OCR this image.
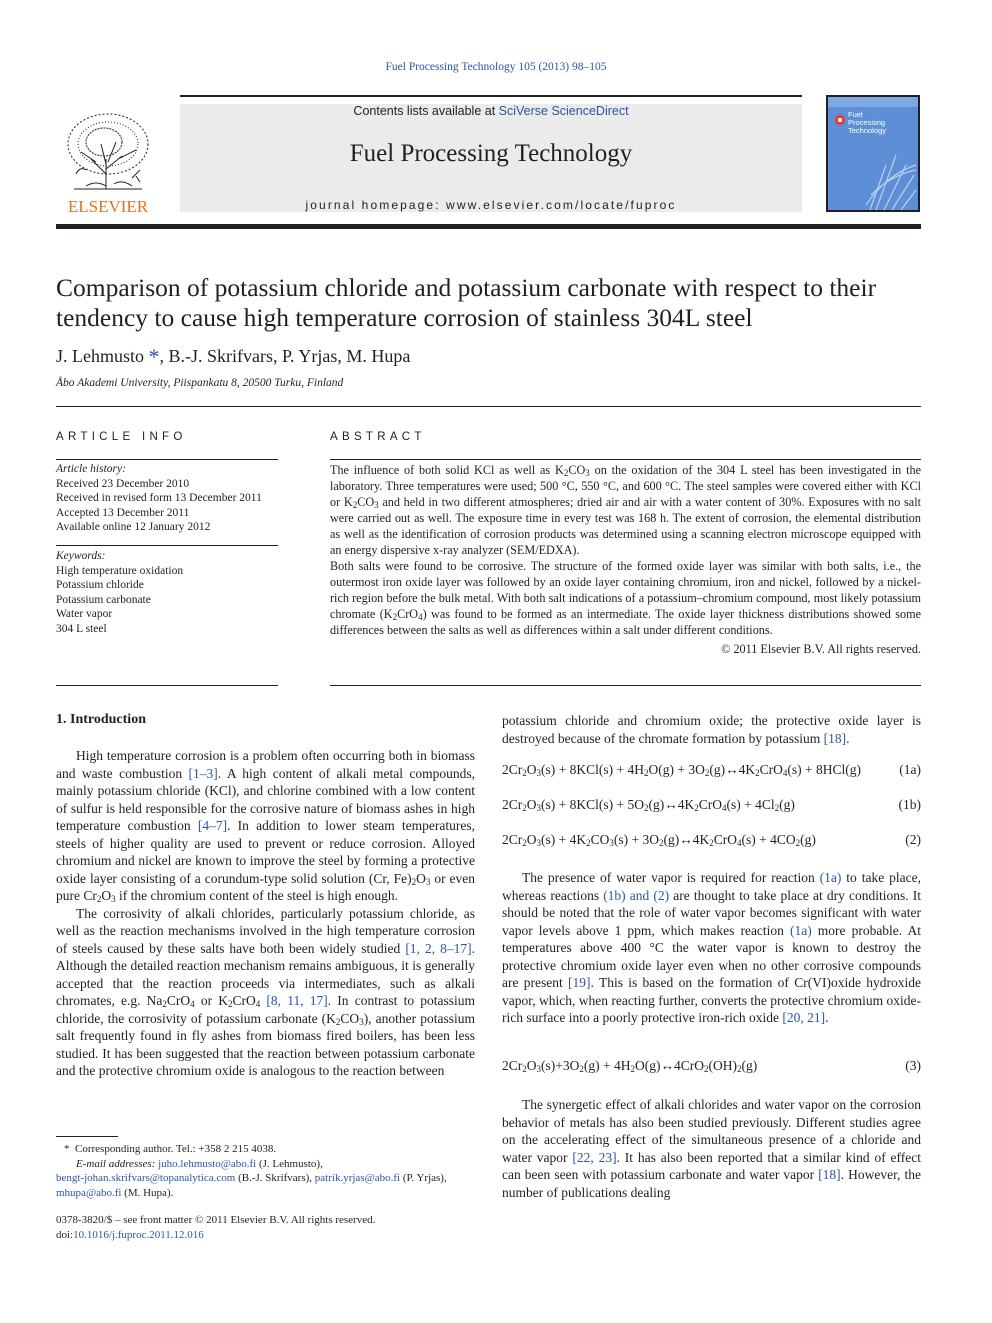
Fuel Processing Technology 105 (2013) 98–105
ELSEVIER
Contents lists available at SciVerse ScienceDirect
Fuel Processing Technology
journal homepage: www.elsevier.com/locate/fuproc
Fuel
Processing
Technology
Comparison of potassium chloride and potassium carbonate with respect to their tendency to cause high temperature corrosion of stainless 304L steel
J. Lehmusto *, B.-J. Skrifvars, P. Yrjas, M. Hupa
Åbo Akademi University, Piispankatu 8, 20500 Turku, Finland
ARTICLE INFO
Article history:
Received 23 December 2010
Received in revised form 13 December 2011
Accepted 13 December 2011
Available online 12 January 2012
Keywords:
High temperature oxidation
Potassium chloride
Potassium carbonate
Water vapor
304 L steel
ABSTRACT
The influence of both solid KCl as well as $K_2CO_3$ on the oxidation of the 304 L steel has been investigated in the laboratory. Three temperatures were used; 500 °C, 550 °C, and 600 °C. The steel samples were covered either with KCl or $K_2CO_3$ and held in two different atmospheres; dried air and air with a water content of 30%. Exposures with no salt were carried out as well. The exposure time in every test was 168 h. The extent of corrosion, the elemental distribution as well as the identification of corrosion products was determined using a scanning electron microscope equipped with an energy dispersive x-ray analyzer (SEM/EDXA).
Both salts were found to be corrosive. The structure of the formed oxide layer was similar with both salts, i.e., the outermost iron oxide layer was followed by an oxide layer containing chromium, iron and nickel, followed by a nickel-rich region before the bulk metal. With both salt indications of a potassium–chromium compound, most likely potassium chromate $(K_2CrO_4)$ was found to be formed as an intermediate. The oxide layer thickness distributions showed some differences between the salts as well as differences within a salt under different conditions.
© 2011 Elsevier B.V. All rights reserved.
1. Introduction

High temperature corrosion is a problem often occurring both in biomass and waste combustion [1–3]. A high content of alkali metal compounds, mainly potassium chloride (KCl), and chlorine combined with a low content of sulfur is held responsible for the corrosive nature of biomass ashes in high temperature combustion [4–7]. In addition to lower steam temperatures, steels of higher quality are used to prevent or reduce corrosion. Alloyed chromium and nickel are known to improve the steel by forming a protective oxide layer consisting of a corundum-type solid solution (Cr, $Fe)_2O_3$ or even pure $Cr_2O_3$ if the chromium content of the steel is high enough.

The corrosivity of alkali chlorides, particularly potassium chloride, as well as the reaction mechanisms involved in the high temperature corrosion of steels caused by these salts have both been widely studied [1, 2, 8–17]. Although the detailed reaction mechanism remains ambiguous, it is generally accepted that the reaction proceeds via intermediates, such as alkali chromates, e.g. $Na_2CrO_4$ or $K_2CrO_4$ [8, 11, 17]. In contrast to potassium chloride, the corrosivity of potassium carbonate $(K_2CO_3)$, another potassium salt frequently found in fly ashes from biomass fired boilers, has been less studied. It has been suggested that the reaction between potassium carbonate and the protective chromium oxide is analogous to the reaction between

* Corresponding author. Tel.: +358 2 215 4038.
E-mail addresses: juho.lehmusto@abo.fi (J. Lehmusto),
bengt-johan.skrifvars@topanalytica.com (B.-J. Skrifvars), patrik.yrjas@abo.fi (P. Yrjas),
mhupa@abo.fi (M. Hupa).
0378-3820/$ – see front matter © 2011 Elsevier B.V. All rights reserved.
doi:10.1016/j.fuproc.2011.12.016
potassium chloride and chromium oxide; the protective oxide layer is destroyed because of the chromate formation by potassium [18].
$2Cr_2O_3(s) + 8KCl(s) + 4H_2O(g)$ + $3O_2(g)\leftrightarrow 4K_2CrO_4(s) + 8HCl(g)$	(1a)
$2Cr_2O_3(s) + 8KCl(s)$ + $5O_2(g)\leftrightarrow 4K_2CrO_4(s) + 4Cl_2(g)$	(1b)
$2Cr_2O_3(s) + 4K_2CO_3(s)$ + $3O_2(g)\leftrightarrow 4K_2CrO_4(s) + 4CO_2(g)$	(2)

The presence of water vapor is required for reaction (1a) to take place, whereas reactions (1b) and (2) are thought to take place at dry conditions. It should be noted that the role of water vapor becomes significant with water vapor levels above 1 ppm, which makes reaction (1a) more probable. At temperatures above 400 °C the water vapor is known to destroy the protective chromium oxide layer even when no other corrosive compounds are present [19]. This is based on the formation of Cr(VI)oxide hydroxide vapor, which, when reacting further, converts the protective chromium oxide-rich surface into a poorly protective iron-rich oxide [20, 21].

$2Cr_2O_3(s)+3O_2(g)$ + $4H_2O(g)\leftrightarrow 4CrO_2(OH)_2(g)$	(3)

The synergetic effect of alkali chlorides and water vapor on the corrosion behavior of metals has also been studied previously. Different studies agree on the accelerating effect of the simultaneous presence of a chloride and water vapor [22, 23]. It has also been reported that a similar kind of effect can been seen with potassium carbonate and water vapor [18]. However, the number of publications dealing
